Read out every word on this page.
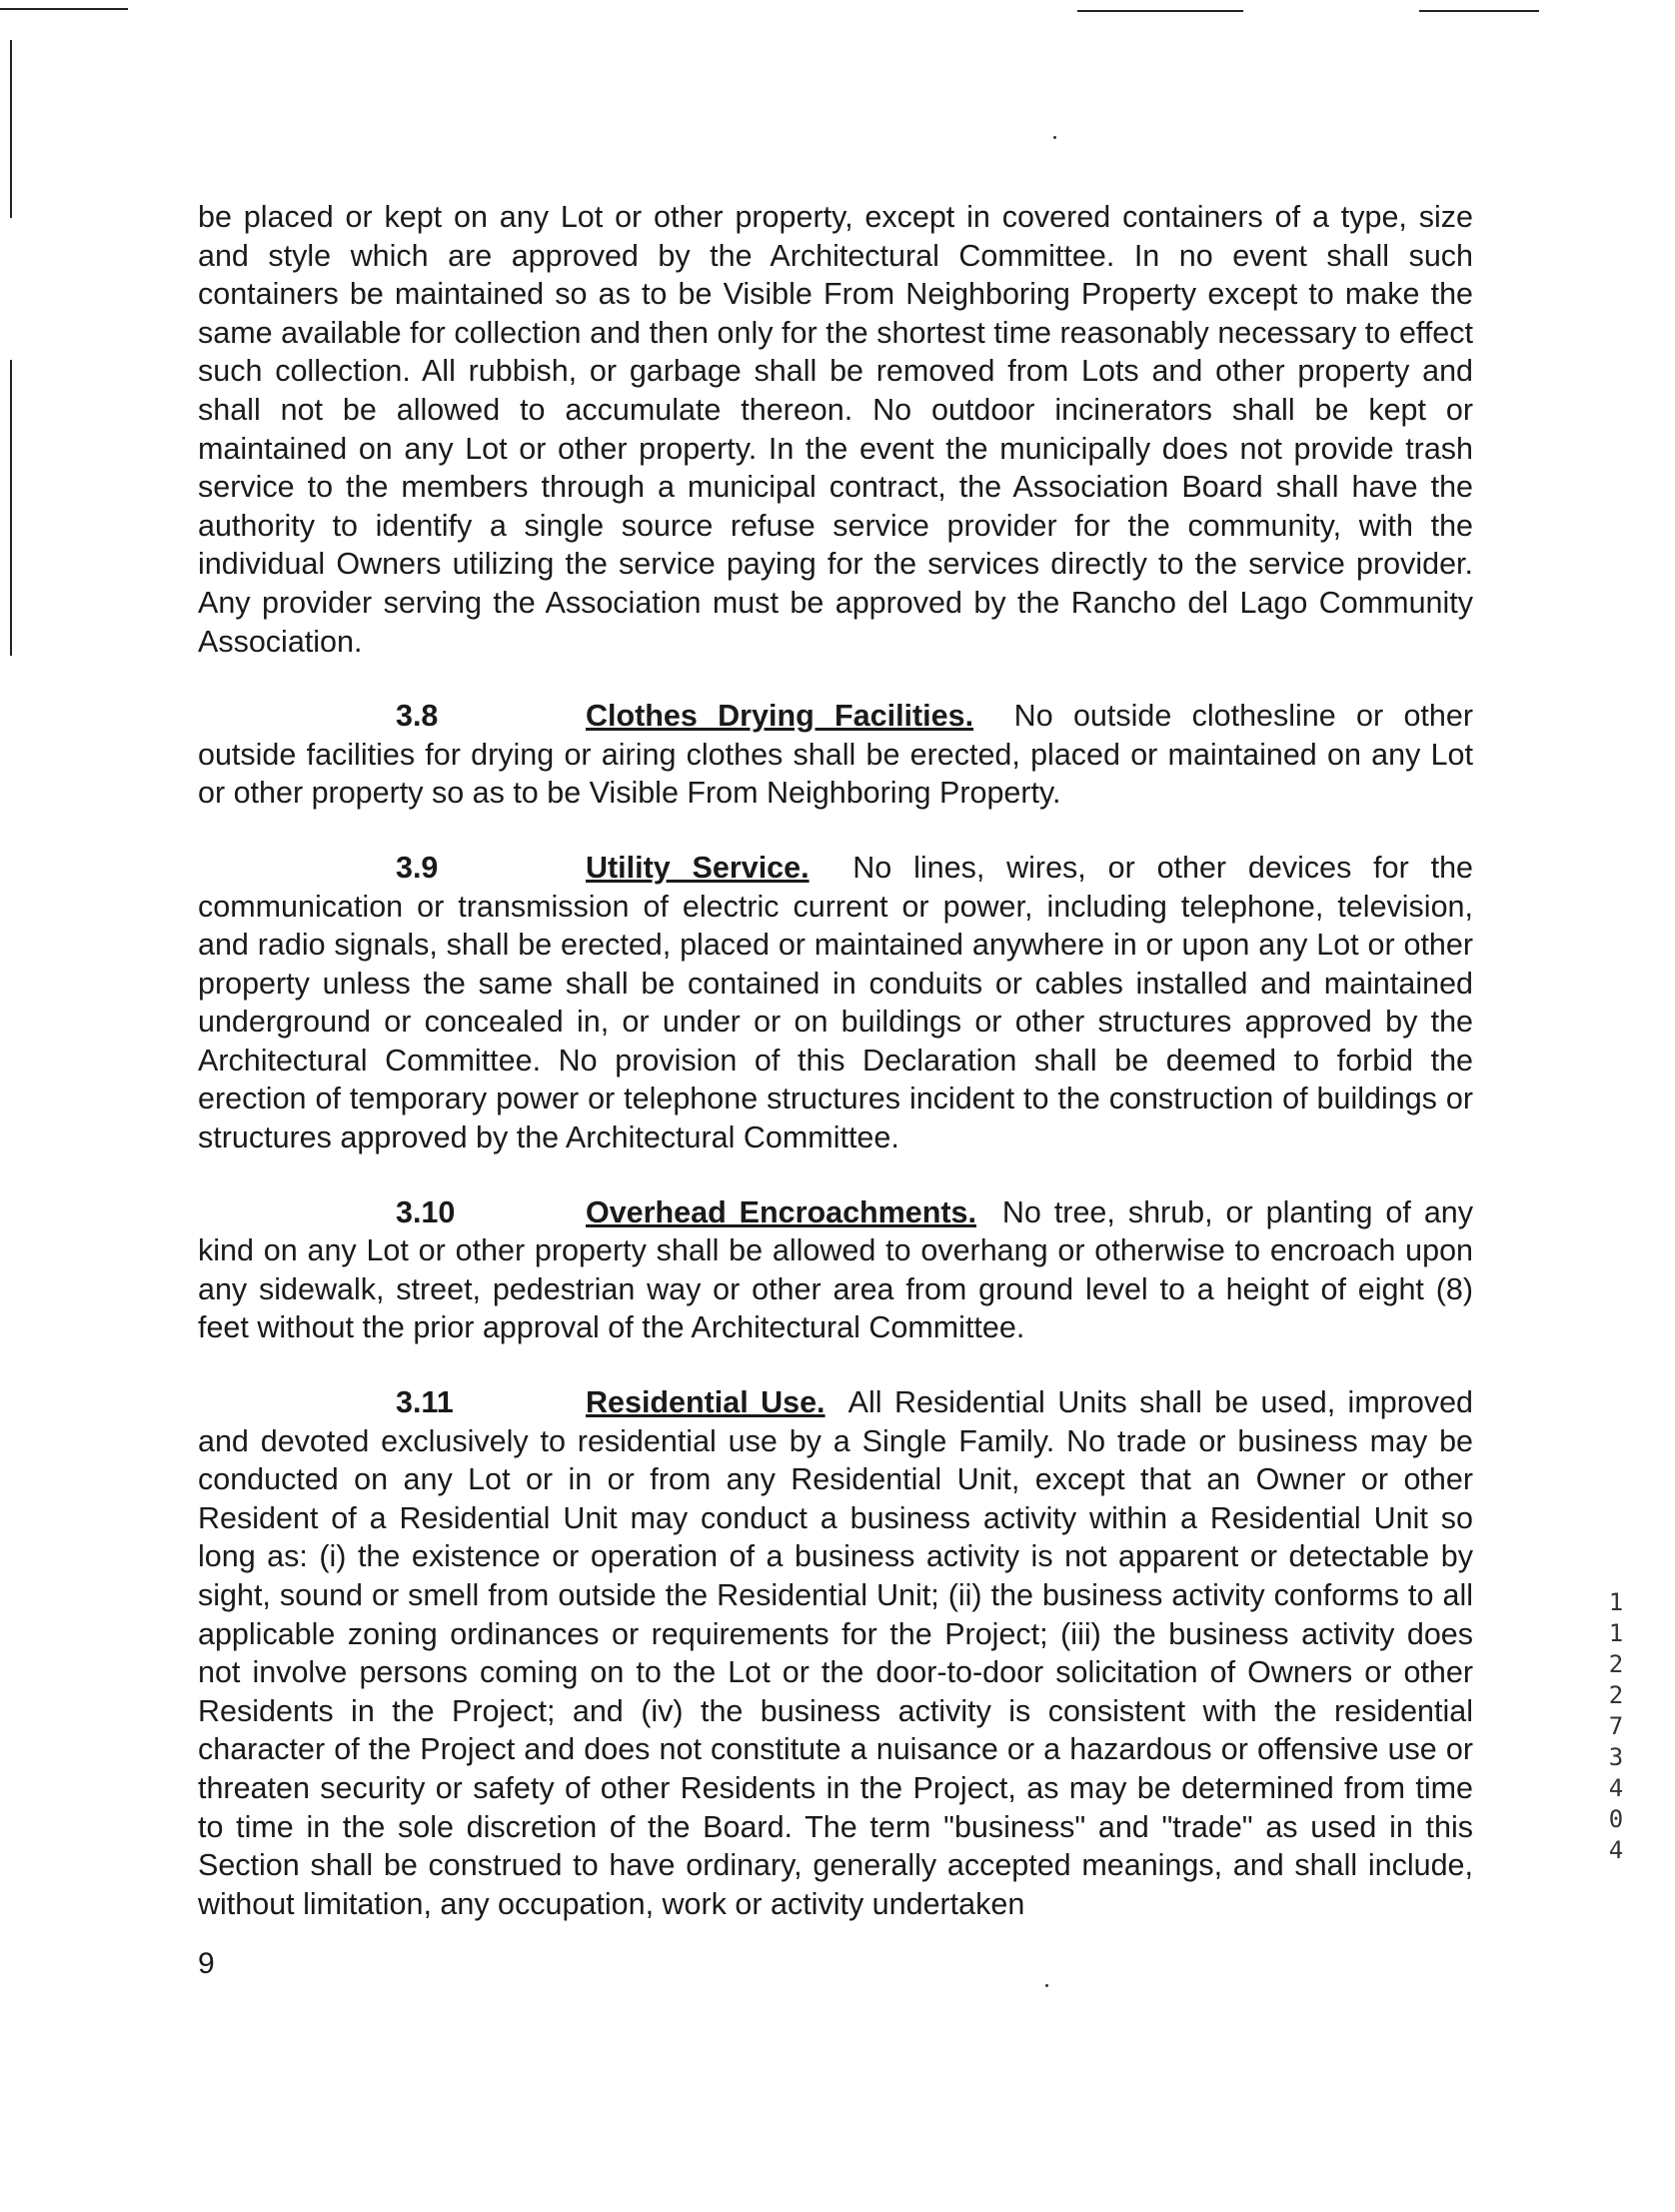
be placed or kept on any Lot or other property, except in covered containers of a type, size and style which are approved by the Architectural Committee. In no event shall such containers be maintained so as to be Visible From Neighboring Property except to make the same available for collection and then only for the shortest time reasonably necessary to effect such collection. All rubbish, or garbage shall be removed from Lots and other property and shall not be allowed to accumulate thereon. No outdoor incinerators shall be kept or maintained on any Lot or other property. In the event the municipally does not provide trash service to the members through a municipal contract, the Association Board shall have the authority to identify a single source refuse service provider for the community, with the individual Owners utilizing the service paying for the services directly to the service provider. Any provider serving the Association must be approved by the Rancho del Lago Community Association.

3.8	Clothes Drying Facilities. No outside clothesline or other outside facilities for drying or airing clothes shall be erected, placed or maintained on any Lot or other property so as to be Visible From Neighboring Property.

3.9	Utility Service. No lines, wires, or other devices for the communication or transmission of electric current or power, including telephone, television, and radio signals, shall be erected, placed or maintained anywhere in or upon any Lot or other property unless the same shall be contained in conduits or cables installed and maintained underground or concealed in, or under or on buildings or other structures approved by the Architectural Committee. No provision of this Declaration shall be deemed to forbid the erection of temporary power or telephone structures incident to the construction of buildings or structures approved by the Architectural Committee.

3.10	Overhead Encroachments. No tree, shrub, or planting of any kind on any Lot or other property shall be allowed to overhang or otherwise to encroach upon any sidewalk, street, pedestrian way or other area from ground level to a height of eight (8) feet without the prior approval of the Architectural Committee.

3.11	Residential Use. All Residential Units shall be used, improved and devoted exclusively to residential use by a Single Family. No trade or business may be conducted on any Lot or in or from any Residential Unit, except that an Owner or other Resident of a Residential Unit may conduct a business activity within a Residential Unit so long as: (i) the existence or operation of a business activity is not apparent or detectable by sight, sound or smell from outside the Residential Unit; (ii) the business activity conforms to all applicable zoning ordinances or requirements for the Project; (iii) the business activity does not involve persons coming on to the Lot or the door-to-door solicitation of Owners or other Residents in the Project; and (iv) the business activity is consistent with the residential character of the Project and does not constitute a nuisance or a hazardous or offensive use or threaten security or safety of other Residents in the Project, as may be determined from time to time in the sole discretion of the Board. The term "business" and "trade" as used in this Section shall be construed to have ordinary, generally accepted meanings, and shall include, without limitation, any occupation, work or activity undertaken

9
11227 3404
